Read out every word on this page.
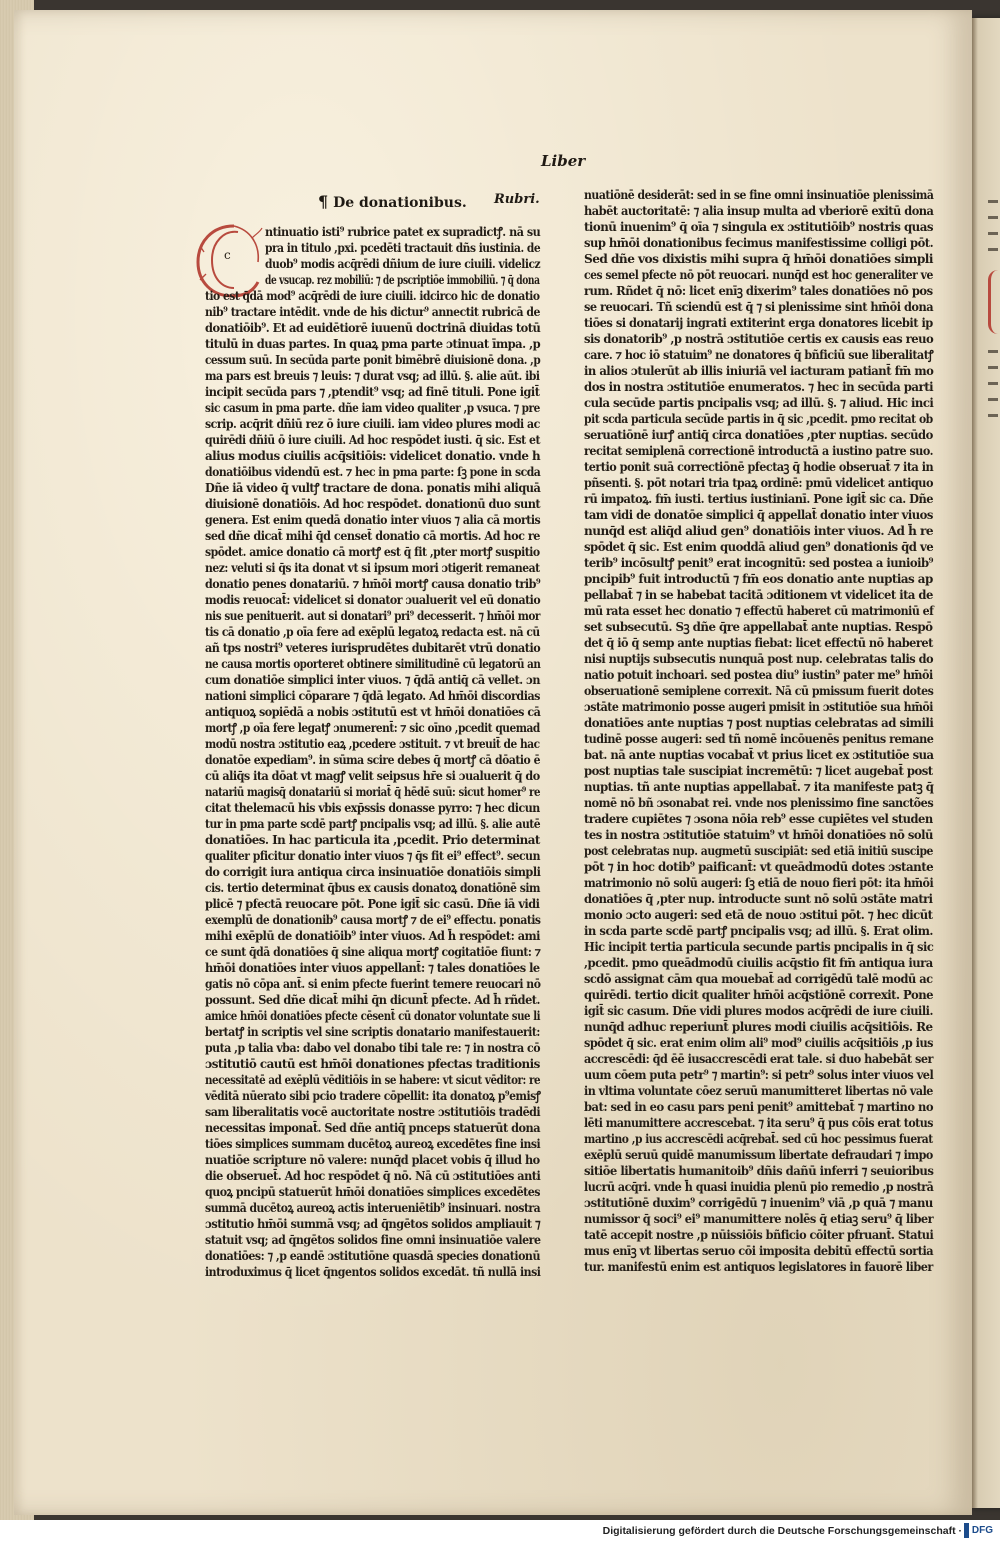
Liber
¶ De donationibus. Rubri.
c
ntinuatio isti⁹ rubrice patet ex supradictꝭ. nā su
pra in titulo ,pxi. pcedēti tractauit dñs iustinia. de
duob⁹ modis acq̄rēdi dñium de iure ciuili. videlicz
de vsucap. rez mobiliū: ⁊ de pscriptiōe immobiliū. ⁊ q̄ dona
tio est q̄dā mod⁹ acq̄rēdi de iure ciuili. idcirco hic de donatio
nib⁹ tractare intēdit. vnde de his dictur⁹ annectit rubricā de
donatiōib⁹. Et ad euidētiorē iuuenū doctrinā diuidas totū
titulū in duas partes. In quaꝝ pma parte ɔtinuat īmpa. ,p
cessum suū. In secūda parte ponit bimēbrē diuisionē dona. ,p
ma pars est breuis ⁊ leuis: ⁊ durat vsq; ad illū. §. alie aūt. ibi
incipit secūda pars ⁊ ,ptendit⁹ vsq; ad finē tituli. Pone igit̄
sic casum in pma parte. dñe iam video qualiter ,p vsuca. ⁊ pre
scrip. acq̄rit dñiū rez ō iure ciuili. iam video plures modi ac
quirēdi dñiū ō iure ciuili. Ad hoc respōdet iusti. q̄ sic. Est et
alius modus ciuilis acq̄sitiōis: videlicet donatio. vnde h
donatiōibus videndū est. ⁊ hec in pma parte: ſꝫ pone in scda
Dñe iā video q̄ vultꝭ tractare de dona. ponatis mihi aliquā
diuisionē donatiōis. Ad hoc respōdet. donationū duo sunt
genera. Est enim quedā donatio inter viuos ⁊ alia cā mortis
sed dñe dicat̄ mihi q̄d censet̄ donatio cā mortis. Ad hoc re
spōdet. amice donatio cā mortꝭ est q̄ fit ,pter mortꝭ suspitio
nez: veluti si q̄s ita donat vt si ipsum mori ɔtigerit remaneat
donatio penes donatariū. ⁊ hm̄ōi mortꝭ causa donatio trib⁹
modis reuocat̄: videlicet si donator ɔualuerit vel eū donatio
nis sue penituerit. aut si donatari⁹ pri⁹ decesserit. ⁊ hm̄ōi mor
tis cā donatio ,p oīa fere ad exēplū legatoꝝ redacta est. nā cū
añ tps nostri⁹ veteres iurisprudētes dubitarēt vtrū donatio
ne causa mortis oporteret obtinere similitudinē cū legatorū an
cum donatiōe simplici inter viuos. ⁊ q̄dā antiq̄ cā vellet. ɔn
nationi simplici cōparare ⁊ q̄dā legato. Ad hm̄ōi discordias
antiquoꝝ sopiēdā a nobis ɔstitutū est vt hm̄ōi donatiōes cā
mortꝭ ,p oīa fere legatꝭ ɔnumerent̄: ⁊ sic oīno ,pcedit quemad
modū nostra ɔstitutio eaꝝ ,pcedere ɔstituit. ⁊ vt breuit̄ de hac
donatōe expediam⁹. in sūma scire debes q̄ mortꝭ cā dōatio ē
cū aliq̄s ita dōat vt magꝭ velit seipsus hr̄e si ɔualuerit q̄ do
natariū magisq̄ donatariū si moriat̄ q̄ hēdē suū: sicut homer⁹ re
citat thelemacū his vbis exp̄ssis donasse pyrro: ⁊ hec dicun
tur in pma parte scdē partꝭ pncipalis vsq; ad illū. §. alie autē
donatiōes. In hac particula ita ,pcedit. Prio determinat
qualiter pficitur donatio inter viuos ⁊ q̄s fit ei⁹ effect⁹. secun
do corrigit iura antiqua circa insinuatiōe donatiōis simpli
cis. tertio determinat q̄bus ex causis donatoꝝ donatiōnē sim
plicē ⁊ pfectā reuocare pōt. Pone igit̄ sic casū. Dñe iā vidi
exemplū de donationib⁹ causa mortꝭ ⁊ de ei⁹ effectu. ponatis
mihi exēplū de donatiōib⁹ inter viuos. Ad h̄ respōdet: ami
ce sunt q̄dā donatiōes q̄ sine aliqua mortꝭ cogitatiōe fiunt: ⁊
hm̄ōi donatiōes inter viuos appellant̄: ⁊ tales donatiōes le
gatis nō cōpa ant̄. si enim pfecte fuerint temere reuocari nō
possunt. Sed dñe dicat̄ mihi q̄n dicunt̄ pfecte. Ad h̄ rñdet.
amice hm̄ōi donatiōes pfecte cēsent̄ cū donator voluntate sue li
bertatꝭ in scriptis vel sine scriptis donatario manifestauerit:
puta ,p talia vba: dabo vel donabo tibi tale re: ⁊ in nostra cō
ɔstitutiō cautū est hm̄ōi donationes pfectas traditionis
necessitatē ad exēplū vēditiōis in se habere: vt sicut vēditor: re
vēditā nūerato sibi pcio tradere cōpellit: ita donatoꝝ p⁹emisꝭ
sam liberalitatis vocē auctoritate nostre ɔstitutiōis tradēdi
necessitas imponat̄. Sed dñe antiq̄ pnceps statuerūt dona
tiōes simplices summam ducētoꝝ aureoꝝ excedētes fine insi
nuatiōe scripture nō valere: nunq̄d placet vobis q̄ illud ho
die obseruet̄. Ad hoc respōdet q̄ nō. Nā cū ɔstitutiōes anti
quoꝝ pncipū statuerūt hm̄ōi donatiōes simplices excedētes
summā ducētoꝝ aureoꝝ actis interueniētib⁹ insinuari. nostra
ɔstitutio hm̄ōi summā vsq; ad q̄ngētos solidos ampliauit ⁊
statuit vsq; ad q̄ngētos solidos fine omni insinuatiōe valere
donatiōes: ⁊ ,p eandē ɔstitutiōne quasdā species donationū
introduximus q̄ licet q̄ngentos solidos excedāt. tñ nullā insi
nuatiōnē desiderāt: sed in se fine omni insinuatiōe plenissimā
habēt auctoritatē: ⁊ alia insup multa ad vberiorē exitū dona
tionū inuenim⁹ q̄ oīa ⁊ singula ex ɔstitutiōib⁹ nostris quas
sup hm̄ōi donationibus fecimus manifestissime colligi pōt.
Sed dñe vos dixistis mihi supra q̄ hm̄ōi donatiōes simpli
ces semel pfecte nō pōt reuocari. nunq̄d est hoc generaliter ve
rum. Rñdet q̄ nō: licet enīꝫ dixerim⁹ tales donatiōes nō pos
se reuocari. Tñ sciendū est q̄ ⁊ si plenissime sint hm̄ōi dona
tiōes si donatarij ingrati extiterint erga donatores licebit ip
sis donatorib⁹ ,p nostrā ɔstitutiōe certis ex causis eas reuo
care. ⁊ hoc iō statuim⁹ ne donatores q̄ bñficiū sue liberalitatꝭ
in alios ɔtulerūt ab illis iniuriā vel iacturam patiant̄ fm̄ mo
dos in nostra ɔstitutiōe enumeratos. ⁊ hec in secūda parti
cula secūde partis pncipalis vsq; ad illū. §. ⁊ aliud. Hic inci
pit scda particula secūde partis in q̄ sic ,pcedit. pmo recitat ob
seruatiōnē iurꝭ antiq̄ circa donatiōes ,pter nuptias. secūdo
recitat semiplenā correctionē introductā a iustino patre suo.
tertio ponit suā correctiōnē pfectaꝫ q̄ hodie obseruat̄ ⁊ ita in
pñsenti. §. pōt notari tria tpaꝝ ordinē: pmū videlicet antiquo
rū impatoꝝ. fm̄ iusti. tertius iustinianī. Pone igit̄ sic ca. Dñe
tam vidi de donatōe simplici q̄ appellat̄ donatio inter viuos
nunq̄d est aliq̄d aliud gen⁹ donatiōis inter viuos. Ad h̄ re
spōdet q̄ sic. Est enim quoddā aliud gen⁹ donationis q̄d ve
terib⁹ incōsultꝭ penit⁹ erat incognitū: sed postea a iunioib⁹
pncipib⁹ fuit introductū ⁊ fm̄ eos donatio ante nuptias ap
pellabat̄ ⁊ in se habebat tacitā ɔditionem vt videlicet ita de
mū rata esset hec donatio ⁊ effectū haberet cū matrimoniū ef
set subsecutū. Sꝫ dñe q̄re appellabat̄ ante nuptias. Respō
det q̄ iō q̄ semp ante nuptias fiebat: licet effectū nō haberet
nisi nuptijs subsecutis nunquā post nup. celebratas talis do
natio potuit inchoari. sed postea diu⁹ iustin⁹ pater me⁹ hm̄ōi
obseruationē semiplene correxit. Nā cū pmissum fuerit dotes
ɔstāte matrimonio posse augeri pmisit in ɔstitutiōe sua hm̄ōi
donatiōes ante nuptias ⁊ post nuptias celebratas ad simili
tudinē posse augeri: sed tñ nomē incōuenēs penitus remane
bat. nā ante nuptias vocabat̄ vt prius licet ex ɔstitutiōe sua
post nuptias tale suscipiat incremētū: ⁊ licet augebat̄ post
nuptias. tñ ante nuptias appellabat̄. ⁊ ita manifeste patꝫ q̄
nomē nō bñ ɔsonabat rei. vnde nos plenissimo fine sanctões
tradere cupiētes ⁊ ɔsona nōia reb⁹ esse cupiētes vel studen
tes in nostra ɔstitutiōe statuim⁹ vt hm̄ōi donatiōes nō solū
post celebratas nup. augmetū suscipiāt: sed etiā initiū suscipe
pōt ⁊ in hoc dotib⁹ paificant̄: vt queādmodū dotes ɔstante
matrimonio nō solū augeri: ſꝫ etiā de nouo fieri pōt: ita hm̄ōi
donatiōes q̄ ,pter nup. introducte sunt nō solū ɔstāte matri
monio ɔcto augeri: sed etā de nouo ɔstitui pōt. ⁊ hec dicūt
in scda parte scdē partꝭ pncipalis vsq; ad illū. §. Erat olim.
Hic incipit tertia particula secunde partis pncipalis in q̄ sic
,pcedit. pmo queādmodū ciuilis acq̄stio fit fm̄ antiqua iura
scdō assignat cām qua mouebat̄ ad corrigēdū talē modū ac
quirēdi. tertio dicit qualiter hm̄ōi acq̄stiōnē correxit. Pone
igit̄ sic casum. Dñe vidi plures modos acq̄rēdi de iure ciuili.
nunq̄d adhuc reperiunt̄ plures modi ciuilis acq̄sitiōis. Re
spōdet q̄ sic. erat enim olim ali⁹ mod⁹ ciuilis acq̄sitiōis ,p ius
accrescēdi: q̄d ēē iusaccrescēdi erat tale. si duo habebāt ser
uum cōem puta petr⁹ ⁊ martin⁹: si petr⁹ solus inter viuos vel
in vltima voluntate cōez seruū manumitteret libertas nō vale
bat: sed in eo casu pars peni penit⁹ amittebat̄ ⁊ martino no
lēti manumittere accrescebat. ⁊ ita seru⁹ q̄ pus cōis erat totus
martino ,p ius accrescēdi acq̄rebat̄. sed cū hoc pessimus fuerat
exēplū seruū quidē manumissum libertate defraudari ⁊ impo
sitiōe libertatis humanitoib⁹ dñis dañū inferri ⁊ seuioribus
lucrū acq̄ri. vnde h̄ quasi inuidia plenū pio remedio ,p nostrā
ɔstitutiōnē duxim⁹ corrigēdū ⁊ inuenim⁹ viā ,p quā ⁊ manu
numissor q̄ soci⁹ ei⁹ manumittere nolēs q̄ etiaꝫ seru⁹ q̄ liber
tatē accepit nostre ,p nūissiōis bñficio cōiter pfruant̄. Statui
mus enīꝫ vt libertas seruo cōi imposita debitū effectū sortia
tur. manifestū enim est antiquos legislatores in fauorē liber
Digitalisierung gefördert durch die Deutsche Forschungsgemeinschaft · DFG
